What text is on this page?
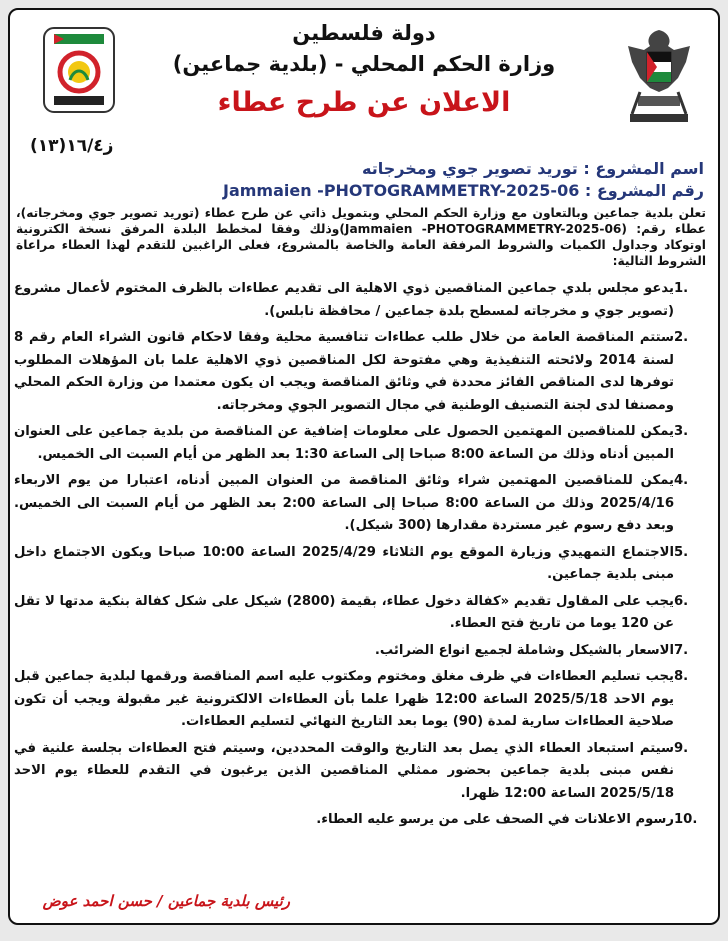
دولة فلسطين
وزارة الحكم المحلي - (بلدية جماعين)
الاعلان عن طرح عطاء
ز١٦/٤(١٣)
اسم المشروع : توريد تصوير جوي ومخرجاته
رقم المشروع : Jammaien -PHOTOGRAMMETRY-2025-06
تعلن بلدية جماعين وبالتعاون مع وزارة الحكم المحلي وبتمويل ذاتي عن طرح عطاء (توريد تصوير جوي ومخرجاته)، عطاء رقم: (Jammaien -PHOTOGRAMMETRY-2025-06)وذلك وفقا لمخطط البلدة المرفق نسخة الكترونية اوتوكاد وجداول الكميات والشروط المرفقة العامة والخاصة بالمشروع، فعلى الراغبين للتقدم لهذا العطاء مراعاة الشروط التالية:
1.
يدعو مجلس بلدي جماعين المناقصين ذوي الاهلية الى تقديم عطاءات بالظرف المختوم لأعمال مشروع (تصوير جوي و مخرجاته لمسطح بلدة جماعين / محافظة نابلس).
2.
ستتم المناقصة العامة من خلال طلب عطاءات تنافسية محلية وفقا لاحكام قانون الشراء العام رقم 8 لسنة 2014 ولائحته التنفيذية وهي مفتوحة لكل المناقصين ذوي الاهلية علما بان المؤهلات المطلوب توفرها لدى المناقص الفائز محددة في وثائق المناقصة ويجب ان يكون معتمدا من وزارة الحكم المحلي ومصنفا لدى لجنة التصنيف الوطنية في مجال التصوير الجوي ومخرجاته.
3.
يمكن للمناقصين المهتمين الحصول على معلومات إضافية عن المناقصة من بلدية جماعين على العنوان المبين أدناه وذلك من الساعة 8:00 صباحا إلى الساعة 1:30 بعد الظهر من أيام السبت الى الخميس.
4.
يمكن للمناقصين المهتمين شراء وثائق المناقصة من العنوان المبين أدناه، اعتبارا من يوم الاربعاء 2025/4/16 وذلك من الساعة 8:00 صباحا إلى الساعة 2:00 بعد الظهر من أيام السبت الى الخميس. وبعد دفع رسوم غير مستردة مقدارها (300 شيكل).
5.
الاجتماع التمهيدي وزيارة الموقع يوم الثلاثاء 2025/4/29 الساعة 10:00 صباحا ويكون الاجتماع داخل مبنى بلدية جماعين.
6.
يجب على المقاول تقديم «كفالة دخول عطاء، بقيمة (2800) شيكل على شكل كفالة بنكية مدتها لا تقل عن 120 يوما من تاريخ فتح العطاء.
7.
الاسعار بالشيكل وشاملة لجميع انواع الضرائب.
8.
يجب تسليم العطاءات في ظرف مغلق ومختوم ومكتوب عليه اسم المناقصة ورقمها لبلدية جماعين قبل يوم الاحد 2025/5/18 الساعة 12:00 ظهرا علما بأن العطاءات الالكترونية غير مقبولة ويجب أن تكون صلاحية العطاءات سارية لمدة (90) يوما بعد التاريخ النهائي لتسليم العطاءات.
9.
سيتم استبعاد العطاء الذي يصل بعد التاريخ والوقت المحددين، وسيتم فتح العطاءات بجلسة علنية في نفس مبنى بلدية جماعين بحضور ممثلي المناقصين الذين يرغبون في التقدم للعطاء يوم الاحد 2025/5/18 الساعة 12:00 ظهرا.
10.
رسوم الاعلانات في الصحف على من يرسو عليه العطاء.
رئيس بلدية جماعين / حسن احمد عوض
